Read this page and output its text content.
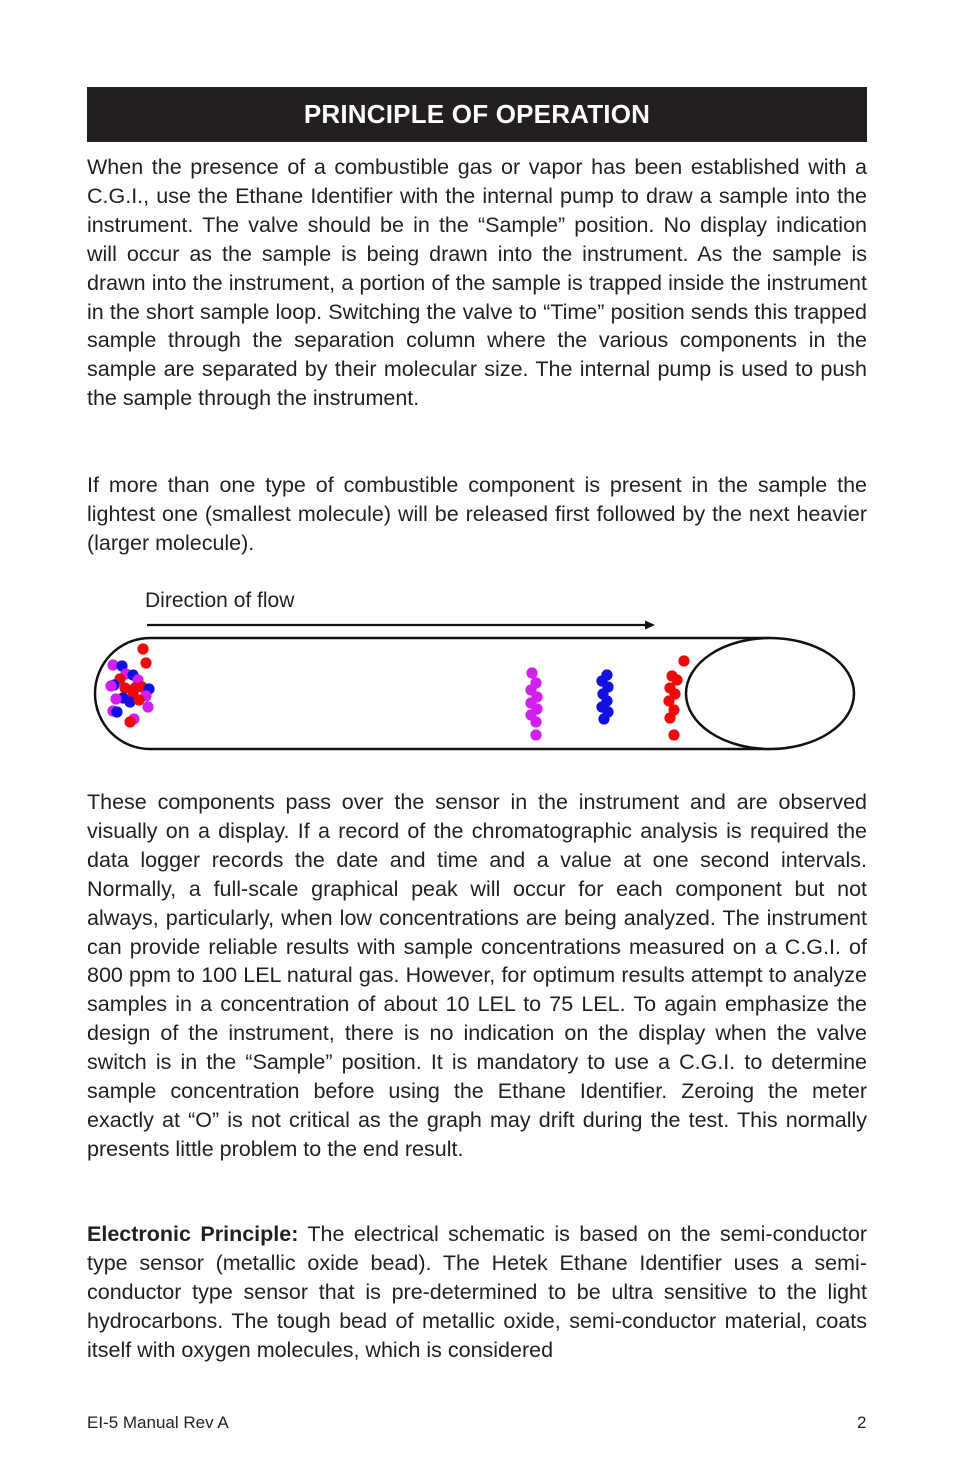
PRINCIPLE OF OPERATION

When the presence of a combustible gas or vapor has been established with a C.G.I., use the Ethane Identifier with the internal pump to draw a sample into the instrument. The valve should be in the “Sample” position. No display indication will occur as the sample is being drawn into the instrument. As the sample is drawn into the instrument, a portion of the sample is trapped inside the instrument in the short sample loop. Switching the valve to “Time” position sends this trapped sample through the separation column where the various components in the sample are separated by their molecular size. The internal pump is used to push the sample through the instrument.

If more than one type of combustible component is present in the sample the lightest one (smallest molecule) will be released first followed by the next heavier (larger molecule).

Direction of flow

These components pass over the sensor in the instrument and are observed visually on a display. If a record of the chromatographic analysis is required the data logger records the date and time and a value at one second intervals. Normally, a full-scale graphical peak will occur for each component but not always, particularly, when low concentrations are being analyzed. The instrument can provide reliable results with sample concentrations measured on a C.G.I. of 800 ppm to 100 LEL natural gas. However, for optimum results attempt to analyze samples in a concentration of about 10 LEL to 75 LEL. To again emphasize the design of the instrument, there is no indication on the display when the valve switch is in the “Sample” position. It is mandatory to use a C.G.I. to determine sample concentration before using the Ethane Identifier. Zeroing the meter exactly at “O” is not critical as the graph may drift during the test. This normally presents little problem to the end result.

Electronic Principle: The electrical schematic is based on the semi-conductor type sensor (metallic oxide bead). The Hetek Ethane Identifier uses a semi-conductor type sensor that is pre-determined to be ultra sensitive to the light hydrocarbons. The tough bead of metallic oxide, semi-conductor material, coats itself with oxygen molecules, which is considered

EI-5 Manual Rev A	2
